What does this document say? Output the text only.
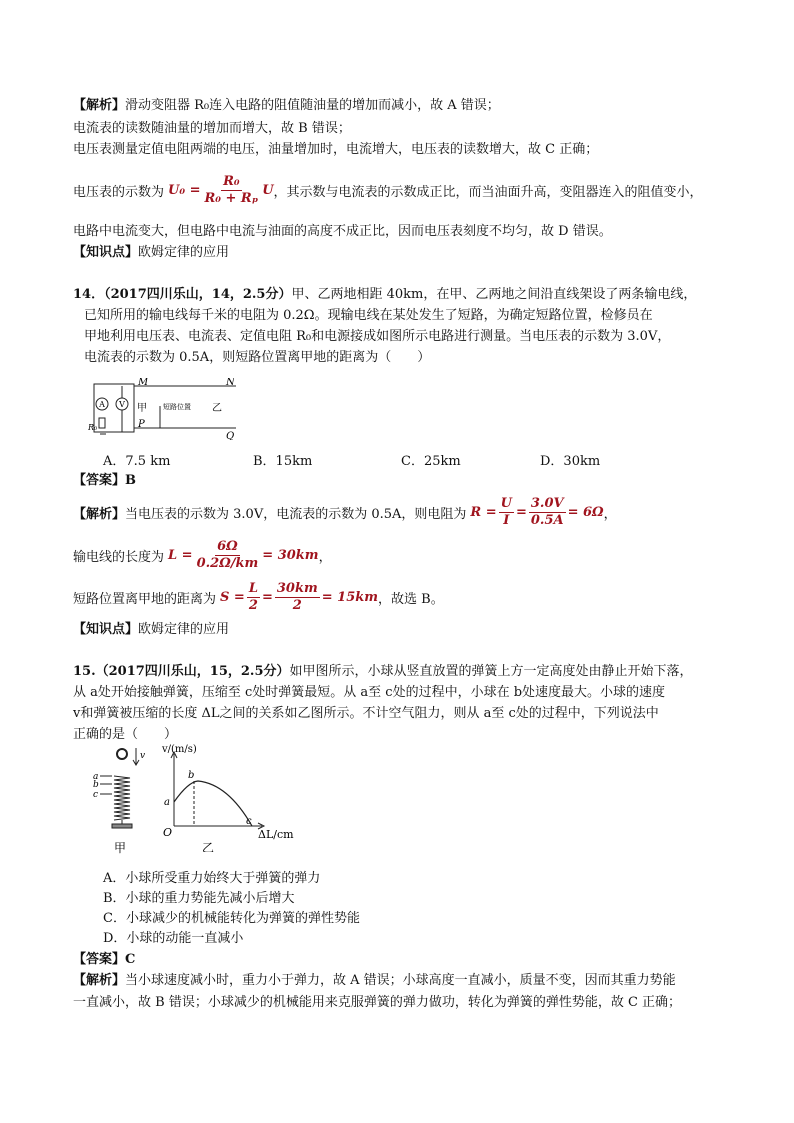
【解析】滑动变阻器 R₀连入电路的阻值随油量的增加而减小，故 A 错误；
电流表的读数随油量的增加而增大，故 B 错误；
电压表测量定值电阻两端的电压，油量增加时，电流增大，电压表的读数增大，故 C 正确；
电压表的示数为 $U_0 = \frac{\text{R₀}}{\text{R₀ + Rₚ}}$ U ，其示数与电流表的示数成正比，而当油面升高，变阻器连入的阻值变小，
电路中电流变大，但电路中电流与油面的高度不成正比，因而电压表刻度不均匀，故 D 错误。
【知识点】欧姆定律的应用
14．（2017四川乐山，14，2.5分）甲、乙两地相距 40km，在甲、乙两地之间沿直线架设了两条输电线，
已知所用的输电线每千米的电阻为 0.2Ω。现输电线在某处发生了短路，为确定短路位置，检修员在
甲地利用电压表、电流表、定值电阻 R₀和电源接成如图所示电路进行测量。当电压表的示数为 3.0V，
电流表的示数为 0.5A，则短路位置离甲地的距离为（　　）
A V
M	N
P
Q
甲	乙
短路位置
R₀
A．7.5 km	B．15km	C．25km	D．30km
【答案】B
【解析】 当电压表的示数为 3.0V，电流表的示数为 0.5A，则电阻为 $R = \frac{U}{I} = \frac{3.0V}{0.5A} = 6\Omega$ ，
输电线的长度为 $L = \frac{6\Omega}{0.2\Omega/km} = 30km$ ，
短路位置离甲地的距离为 $S = \frac{L}{2} = \frac{30km}{2} = 15km$ ，故选 B。
【知识点】欧姆定律的应用
15.（2017四川乐山，15，2.5分）如甲图所示，小球从竖直放置的弹簧上方一定高度处由静止开始下落，
从 a处开始接触弹簧，压缩至 c处时弹簧最短。从 a至 c处的过程中，小球在 b处速度最大。小球的速度
v和弹簧被压缩的长度 ΔL之间的关系如乙图所示。不计空气阻力，则从 a至 c处的过程中，下列说法中
正确的是（　　）
v
a
b
c
甲
v/(m/s)
a
b
c
O	ΔL/cm
乙
A．小球所受重力始终大于弹簧的弹力
B．小球的重力势能先减小后增大
C．小球减少的机械能转化为弹簧的弹性势能
D．小球的动能一直减小
【答案】C
【解析】当小球速度减小时，重力小于弹力，故 A 错误；小球高度一直减小，质量不变，因而其重力势能
一直减小，故 B 错误；小球减少的机械能用来克服弹簧的弹力做功，转化为弹簧的弹性势能，故 C 正确；
